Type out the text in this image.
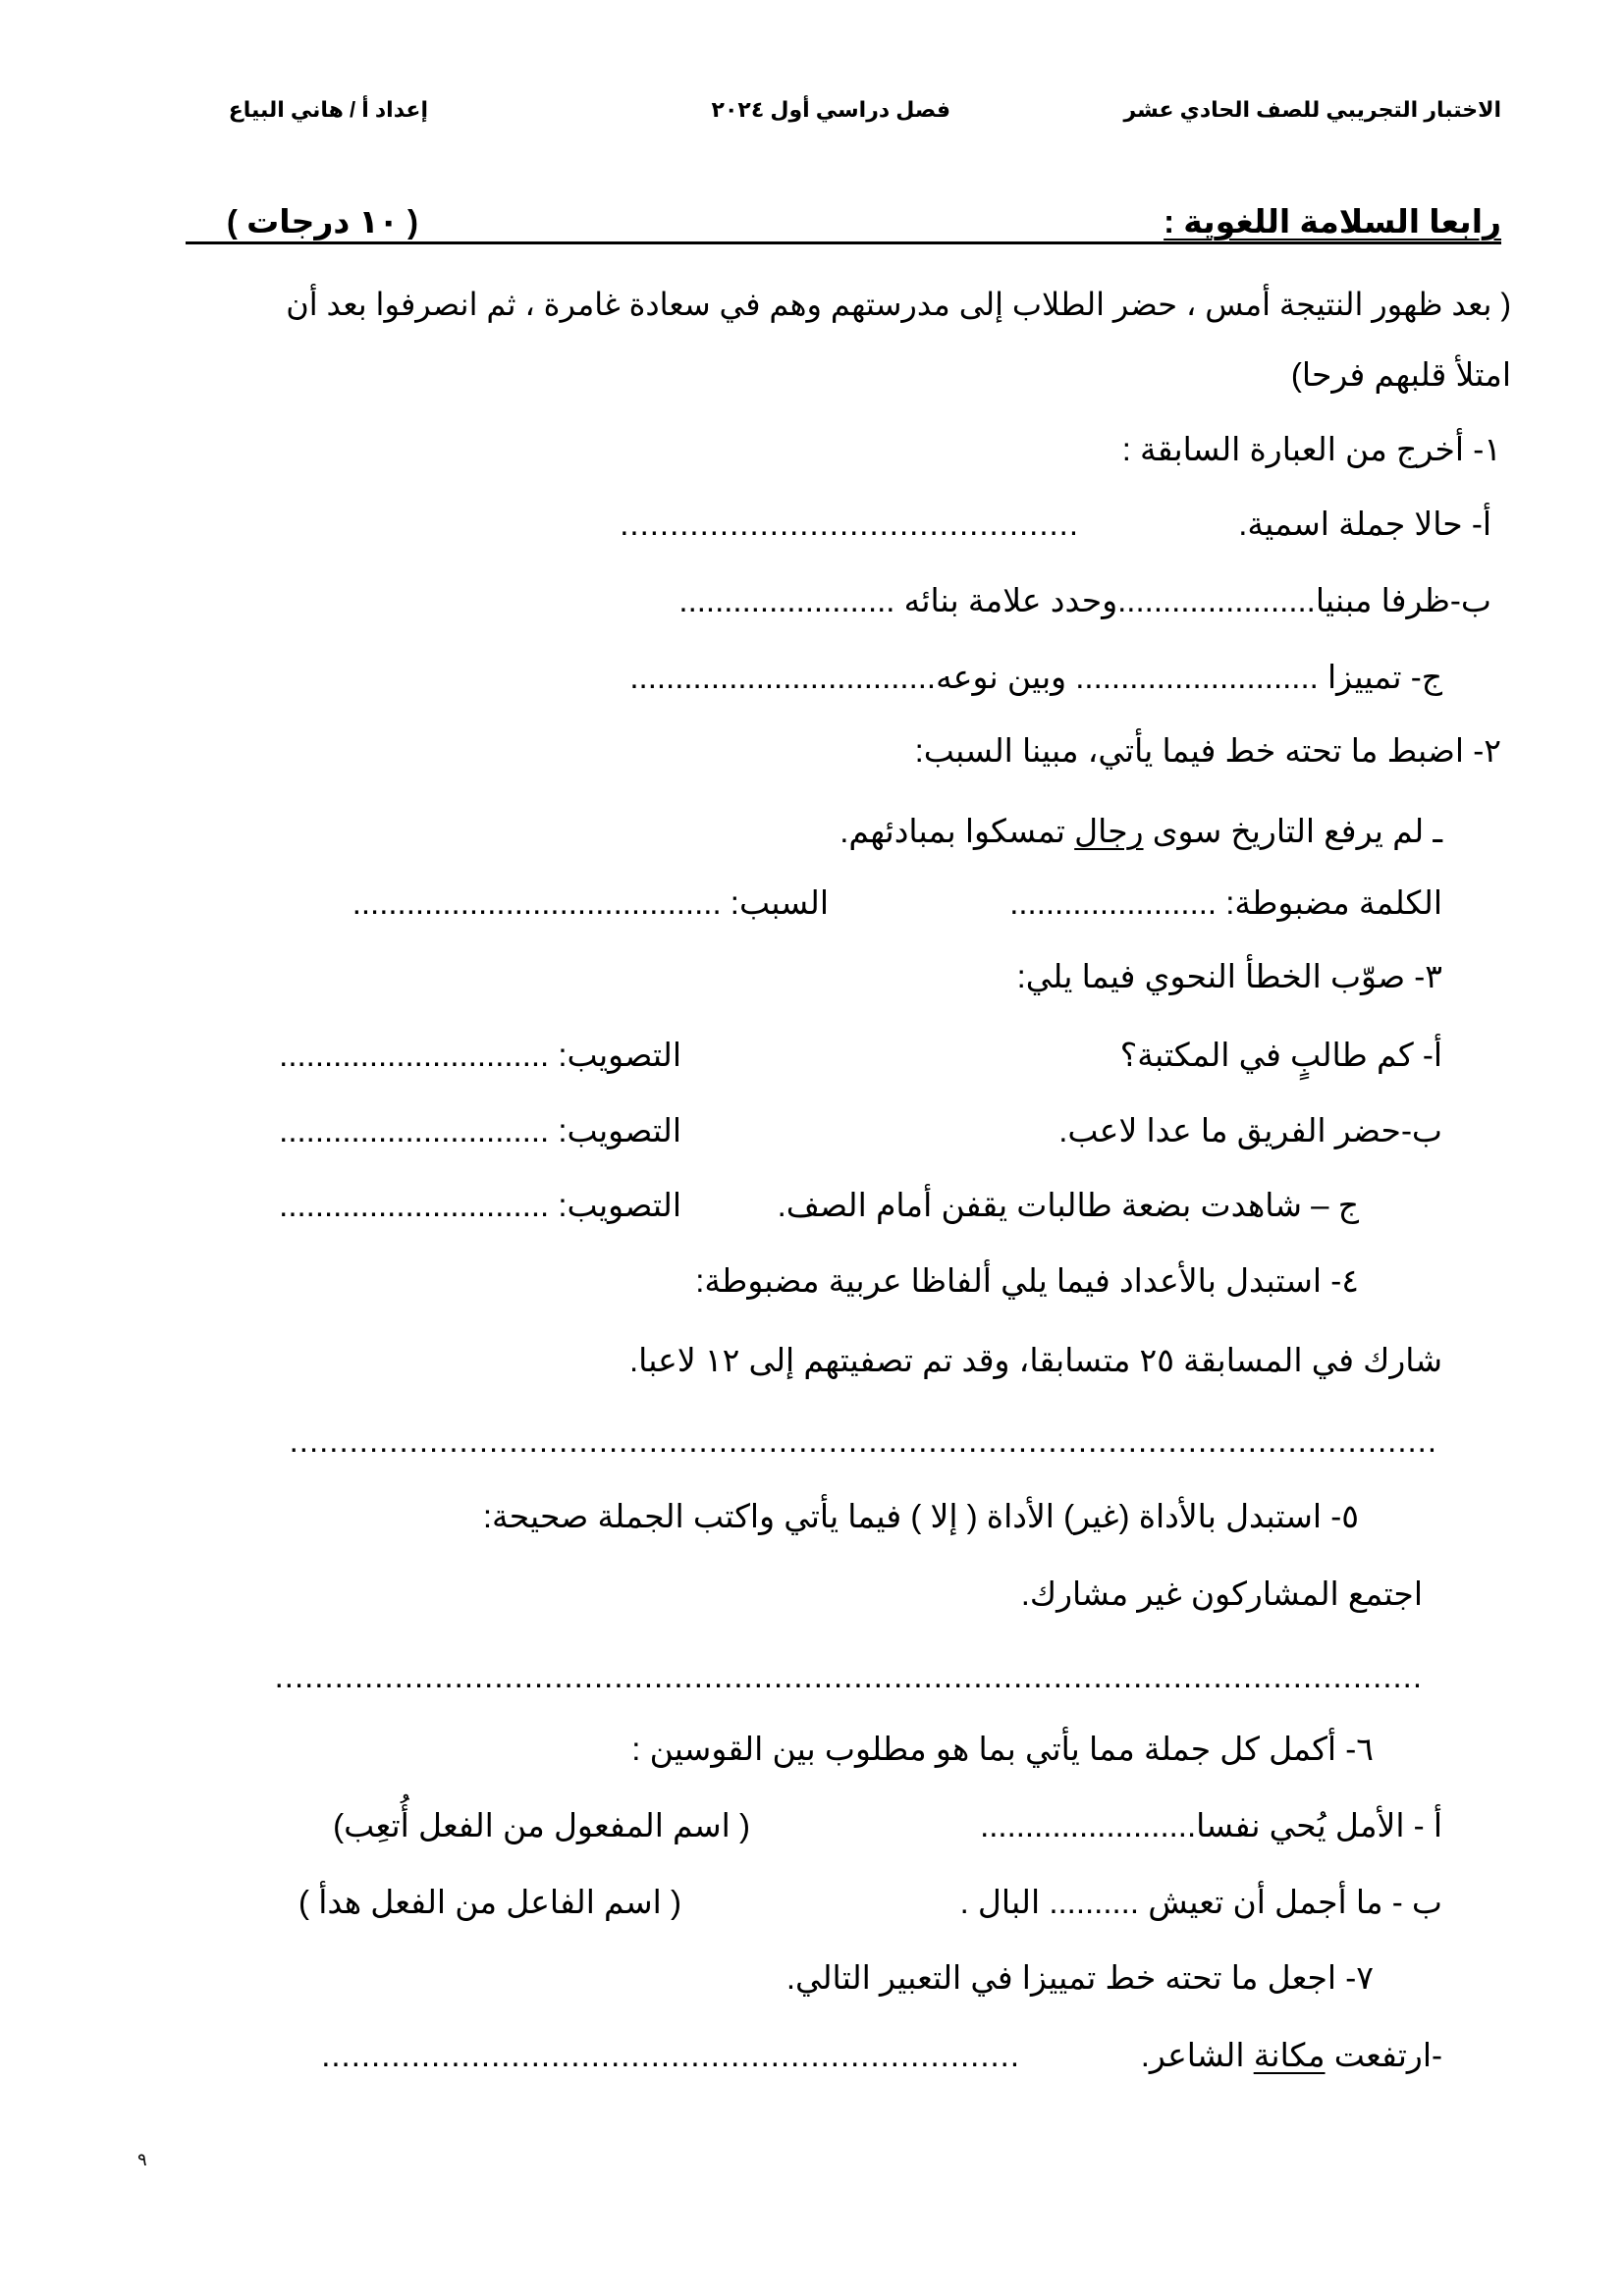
الاختبار التجريبي للصف الحادي عشر
فصل دراسي أول ٢٠٢٤
إعداد أ / هاني البياع
رابعا السلامة اللغوية :
( ١٠ درجات )
( بعد ظهور النتيجة أمس ، حضر الطلاب إلى مدرستهم وهم في سعادة غامرة ، ثم انصرفوا بعد أن
امتلأ قلبهم فرحا)
١- أخرج من العبارة السابقة :
أ- حالا جملة اسمية.
..............................................
ب-ظرفا مبنيا......................وحدد علامة بنائه ........................
ج- تمييزا ........................... وبين نوعه..................................
٢- اضبط ما تحته خط فيما يأتي، مبينا السبب:
ـ لم يرفع التاريخ سوى رجال تمسكوا بمبادئهم.
الكلمة مضبوطة: .......................
السبب: .........................................
٣- صوّب الخطأ النحوي فيما يلي:
أ- كم طالبٍ في المكتبة؟
التصويب: ..............................
ب-حضر الفريق ما عدا لاعب.
التصويب: ..............................
ج – شاهدت بضعة طالبات يقفن أمام الصف.
التصويب: ..............................
٤- استبدل بالأعداد فيما يلي ألفاظا عربية مضبوطة:
شارك في المسابقة ٢٥ متسابقا، وقد تم تصفيتهم إلى ١٢ لاعبا.
...................................................................................................................
٥- استبدل بالأداة (غير) الأداة ( إلا ) فيما يأتي واكتب الجملة صحيحة:
اجتمع المشاركون غير مشارك.
...................................................................................................................
٦- أكمل كل جملة مما يأتي بما هو مطلوب بين القوسين :
أ - الأمل يُحي نفسا........................
( اسم المفعول من الفعل أُتعِب)
ب - ما أجمل أن تعيش .......... البال .
( اسم الفاعل من الفعل هدأ )
٧- اجعل ما تحته خط تمييزا في التعبير التالي.
-ارتفعت مكانة الشاعر.
......................................................................
٩
